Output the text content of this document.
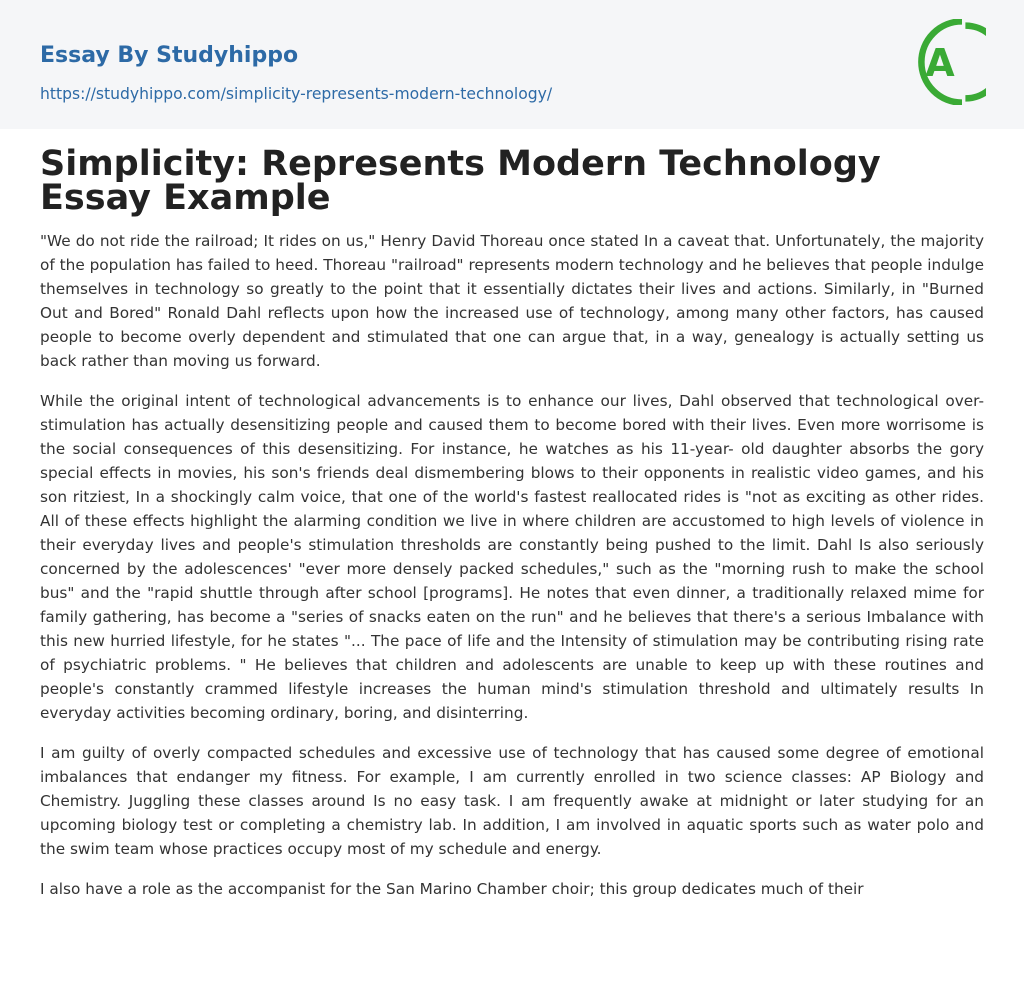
Essay By Studyhippo
https://studyhippo.com/simplicity-represents-modern-technology/
A
Simplicity: Represents Modern Technology Essay Example

"We do not ride the railroad; It rides on us," Henry David Thoreau once stated In a caveat that. Unfortunately, the majority of the population has failed to heed. Thoreau "railroad" represents modern technology and he believes that people indulge themselves in technology so greatly to the point that it essentially dictates their lives and actions. Similarly, in "Burned Out and Bored" Ronald Dahl reflects upon how the increased use of technology, among many other factors, has caused people to become overly dependent and stimulated that one can argue that, in a way, genealogy is actually setting us back rather than moving us forward.

While the original intent of technological advancements is to enhance our lives, Dahl observed that technological over-stimulation has actually desensitizing people and caused them to become bored with their lives. Even more worrisome is the social consequences of this desensitizing. For instance, he watches as his 11-year- old daughter absorbs the gory special effects in movies, his son's friends deal dismembering blows to their opponents in realistic video games, and his son ritziest, In a shockingly calm voice, that one of the world's fastest reallocated rides is "not as exciting as other rides. All of these effects highlight the alarming condition we live in where children are accustomed to high levels of violence in their everyday lives and people's stimulation thresholds are constantly being pushed to the limit. Dahl Is also seriously concerned by the adolescences' "ever more densely packed schedules," such as the "morning rush to make the school bus" and the "rapid shuttle through after school [programs]. He notes that even dinner, a traditionally relaxed mime for family gathering, has become a "series of snacks eaten on the run" and he believes that there's a serious Imbalance with this new hurried lifestyle, for he states "... The pace of life and the Intensity of stimulation may be contributing rising rate of psychiatric problems. " He believes that children and adolescents are unable to keep up with these routines and people's constantly crammed lifestyle increases the human mind's stimulation threshold and ultimately results In everyday activities becoming ordinary, boring, and disinterring.

I am guilty of overly compacted schedules and excessive use of technology that has caused some degree of emotional imbalances that endanger my fitness. For example, I am currently enrolled in two science classes: AP Biology and Chemistry. Juggling these classes around Is no easy task. I am frequently awake at midnight or later studying for an upcoming biology test or completing a chemistry lab. In addition, I am involved in aquatic sports such as water polo and the swim team whose practices occupy most of my schedule and energy.

I also have a role as the accompanist for the San Marino Chamber choir; this group dedicates much of their
